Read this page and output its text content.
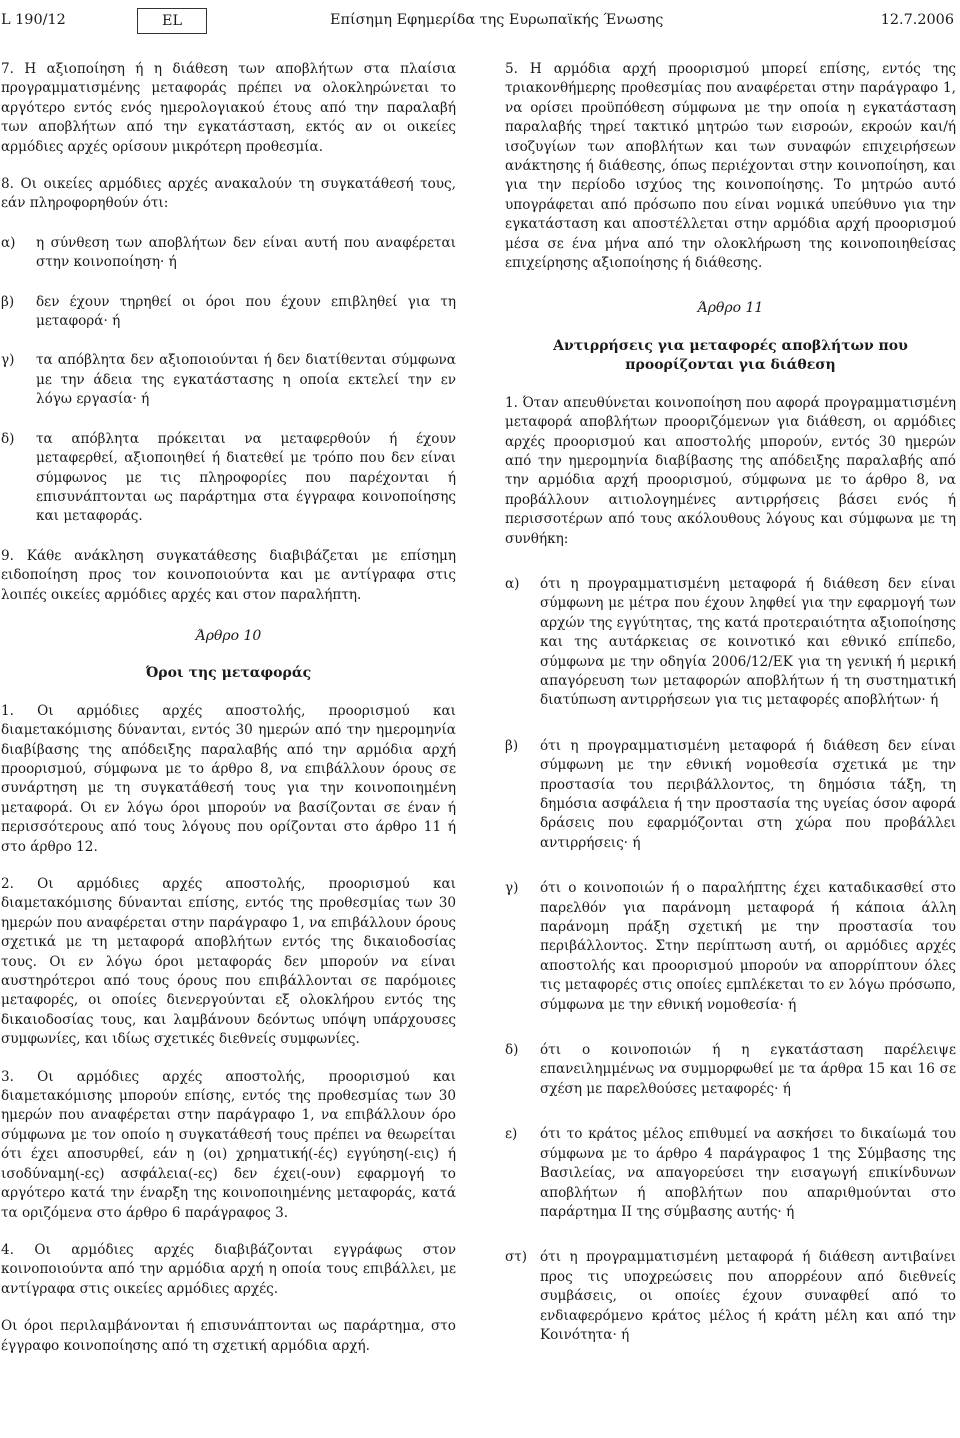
L 190/12	EL	Επίσημη Εφημερίδα της Ευρωπαϊκής Ένωσης	12.7.2006

7. Η αξιοποίηση ή η διάθεση των αποβλήτων στα πλαίσια προγραμματισμένης μεταφοράς πρέπει να ολοκληρώνεται το αργότερο εντός ενός ημερολογιακού έτους από την παραλαβή των αποβλήτων από την εγκατάσταση, εκτός αν οι οικείες αρμόδιες αρχές ορίσουν μικρότερη προθεσμία.

8. Οι οικείες αρμόδιες αρχές ανακαλούν τη συγκατάθεσή τους, εάν πληροφορηθούν ότι:

α)	η σύνθεση των αποβλήτων δεν είναι αυτή που αναφέρεται στην κοινοποίηση· ή
β)	δεν έχουν τηρηθεί οι όροι που έχουν επιβληθεί για τη μεταφορά· ή
γ)	τα απόβλητα δεν αξιοποιούνται ή δεν διατίθενται σύμφωνα με την άδεια της εγκατάστασης η οποία εκτελεί την εν λόγω εργασία· ή
δ)	τα απόβλητα πρόκειται να μεταφερθούν ή έχουν μεταφερθεί, αξιοποιηθεί ή διατεθεί με τρόπο που δεν είναι σύμφωνος με τις πληροφορίες που παρέχονται ή επισυνάπτονται ως παράρτημα στα έγγραφα κοινοποίησης και μεταφοράς.

9. Κάθε ανάκληση συγκατάθεσης διαβιβάζεται με επίσημη ειδοποίηση προς τον κοινοποιούντα και με αντίγραφα στις λοιπές οικείες αρμόδιες αρχές και στον παραλήπτη.

Άρθρο 10
Όροι της μεταφοράς

1. Οι αρμόδιες αρχές αποστολής, προορισμού και διαμετακόμισης δύνανται, εντός 30 ημερών από την ημερομηνία διαβίβασης της απόδειξης παραλαβής από την αρμόδια αρχή προορισμού, σύμφωνα με το άρθρο 8, να επιβάλλουν όρους σε συνάρτηση με τη συγκατάθεσή τους για την κοινοποιημένη μεταφορά. Οι εν λόγω όροι μπορούν να βασίζονται σε έναν ή περισσότερους από τους λόγους που ορίζονται στο άρθρο 11 ή στο άρθρο 12.

2. Οι αρμόδιες αρχές αποστολής, προορισμού και διαμετακόμισης δύνανται επίσης, εντός της προθεσμίας των 30 ημερών που αναφέρεται στην παράγραφο 1, να επιβάλλουν όρους σχετικά με τη μεταφορά αποβλήτων εντός της δικαιοδοσίας τους. Οι εν λόγω όροι μεταφοράς δεν μπορούν να είναι αυστηρότεροι από τους όρους που επιβάλλονται σε παρόμοιες μεταφορές, οι οποίες διενεργούνται εξ ολοκλήρου εντός της δικαιοδοσίας τους, και λαμβάνουν δεόντως υπόψη υπάρχουσες συμφωνίες, και ιδίως σχετικές διεθνείς συμφωνίες.

3. Οι αρμόδιες αρχές αποστολής, προορισμού και διαμετακόμισης μπορούν επίσης, εντός της προθεσμίας των 30 ημερών που αναφέρεται στην παράγραφο 1, να επιβάλλουν όρο σύμφωνα με τον οποίο η συγκατάθεσή τους πρέπει να θεωρείται ότι έχει αποσυρθεί, εάν η (οι) χρηματική(-ές) εγγύηση(-εις) ή ισοδύναμη(-ες) ασφάλεια(-ες) δεν έχει(-ουν) εφαρμογή το αργότερο κατά την έναρξη της κοινοποιημένης μεταφοράς, κατά τα οριζόμενα στο άρθρο 6 παράγραφος 3.

4. Οι αρμόδιες αρχές διαβιβάζονται εγγράφως στον κοινοποιούντα από την αρμόδια αρχή η οποία τους επιβάλλει, με αντίγραφα στις οικείες αρμόδιες αρχές.

Οι όροι περιλαμβάνονται ή επισυνάπτονται ως παράρτημα, στο έγγραφο κοινοποίησης από τη σχετική αρμόδια αρχή.

5. Η αρμόδια αρχή προορισμού μπορεί επίσης, εντός της τριακονθήμερης προθεσμίας που αναφέρεται στην παράγραφο 1, να ορίσει προϋπόθεση σύμφωνα με την οποία η εγκατάσταση παραλαβής τηρεί τακτικό μητρώο των εισροών, εκροών και/ή ισοζυγίων των αποβλήτων και των συναφών επιχειρήσεων ανάκτησης ή διάθεσης, όπως περιέχονται στην κοινοποίηση, και για την περίοδο ισχύος της κοινοποίησης. Το μητρώο αυτό υπογράφεται από πρόσωπο που είναι νομικά υπεύθυνο για την εγκατάσταση και αποστέλλεται στην αρμόδια αρχή προορισμού μέσα σε ένα μήνα από την ολοκλήρωση της κοινοποιηθείσας επιχείρησης αξιοποίησης ή διάθεσης.

Άρθρο 11
Αντιρρήσεις για μεταφορές αποβλήτων που προορίζονται για διάθεση

1. Όταν απευθύνεται κοινοποίηση που αφορά προγραμματισμένη μεταφορά αποβλήτων προοριζόμενων για διάθεση, οι αρμόδιες αρχές προορισμού και αποστολής μπορούν, εντός 30 ημερών από την ημερομηνία διαβίβασης της απόδειξης παραλαβής από την αρμόδια αρχή προορισμού, σύμφωνα με το άρθρο 8, να προβάλλουν αιτιολογημένες αντιρρήσεις βάσει ενός ή περισσοτέρων από τους ακόλουθους λόγους και σύμφωνα με τη συνθήκη:

α)	ότι η προγραμματισμένη μεταφορά ή διάθεση δεν είναι σύμφωνη με μέτρα που έχουν ληφθεί για την εφαρμογή των αρχών της εγγύτητας, της κατά προτεραιότητα αξιοποίησης και της αυτάρκειας σε κοινοτικό και εθνικό επίπεδο, σύμφωνα με την οδηγία 2006/12/ΕΚ για τη γενική ή μερική απαγόρευση των μεταφορών αποβλήτων ή τη συστηματική διατύπωση αντιρρήσεων για τις μεταφορές αποβλήτων· ή
β)	ότι η προγραμματισμένη μεταφορά ή διάθεση δεν είναι σύμφωνη με την εθνική νομοθεσία σχετικά με την προστασία του περιβάλλοντος, τη δημόσια τάξη, τη δημόσια ασφάλεια ή την προστασία της υγείας όσον αφορά δράσεις που εφαρμόζονται στη χώρα που προβάλλει αντιρρήσεις· ή
γ)	ότι ο κοινοποιών ή ο παραλήπτης έχει καταδικασθεί στο παρελθόν για παράνομη μεταφορά ή κάποια άλλη παράνομη πράξη σχετική με την προστασία του περιβάλλοντος. Στην περίπτωση αυτή, οι αρμόδιες αρχές αποστολής και προορισμού μπορούν να απορρίπτουν όλες τις μεταφορές στις οποίες εμπλέκεται το εν λόγω πρόσωπο, σύμφωνα με την εθνική νομοθεσία· ή
δ)	ότι ο κοινοποιών ή η εγκατάσταση παρέλειψε επανειλημμένως να συμμορφωθεί με τα άρθρα 15 και 16 σε σχέση με παρελθούσες μεταφορές· ή
ε)	ότι το κράτος μέλος επιθυμεί να ασκήσει το δικαίωμά του σύμφωνα με το άρθρο 4 παράγραφος 1 της Σύμβασης της Βασιλείας, να απαγορεύσει την εισαγωγή επικίνδυνων αποβλήτων ή αποβλήτων που απαριθμούνται στο παράρτημα II της σύμβασης αυτής· ή
στ) ότι η προγραμματισμένη μεταφορά ή διάθεση αντιβαίνει προς τις υποχρεώσεις που απορρέουν από διεθνείς συμβάσεις, οι οποίες έχουν συναφθεί από το ενδιαφερόμενο κράτος μέλος ή κράτη μέλη και από την Κοινότητα· ή
